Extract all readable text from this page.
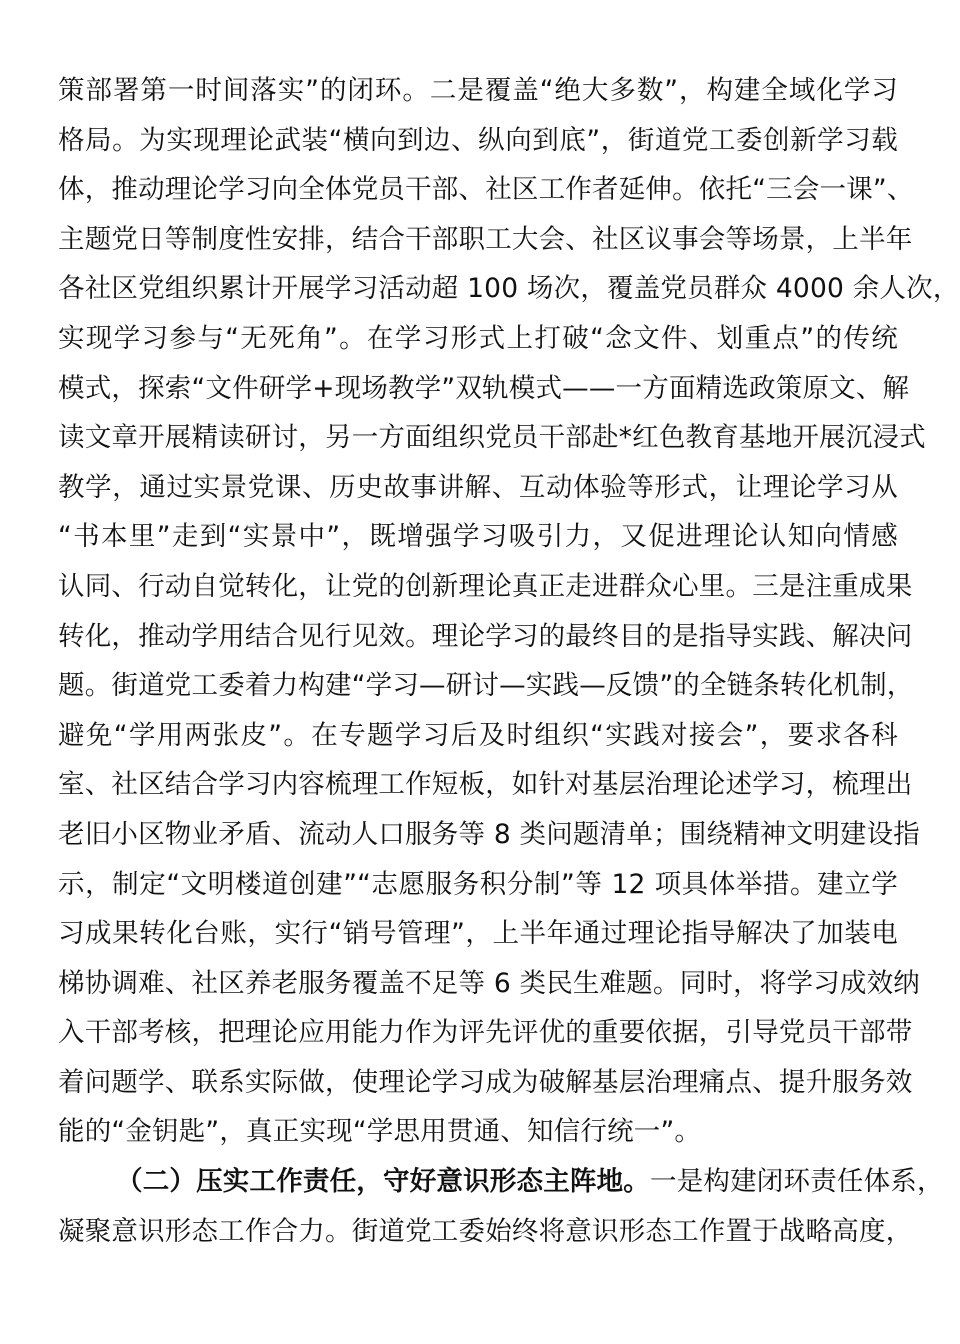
策部署第一时间落实”的闭环。二是覆盖“绝大多数”，构建全域化学习
格局。为实现理论武装“横向到边、纵向到底”，街道党工委创新学习载
体，推动理论学习向全体党员干部、社区工作者延伸。依托“三会一课”、
主题党日等制度性安排，结合干部职工大会、社区议事会等场景，上半年
各社区党组织累计开展学习活动超 100 场次，覆盖党员群众 4000 余人次，
实现学习参与“无死角”。在学习形式上打破“念文件、划重点”的传统
模式，探索“文件研学+现场教学”双轨模式——一方面精选政策原文、解
读文章开展精读研讨，另一方面组织党员干部赴*红色教育基地开展沉浸式
教学，通过实景党课、历史故事讲解、互动体验等形式，让理论学习从
“书本里”走到“实景中”，既增强学习吸引力，又促进理论认知向情感
认同、行动自觉转化，让党的创新理论真正走进群众心里。三是注重成果
转化，推动学用结合见行见效。理论学习的最终目的是指导实践、解决问
题。街道党工委着力构建“学习—研讨—实践—反馈”的全链条转化机制，
避免“学用两张皮”。在专题学习后及时组织“实践对接会”，要求各科
室、社区结合学习内容梳理工作短板，如针对基层治理论述学习，梳理出
老旧小区物业矛盾、流动人口服务等 8 类问题清单；围绕精神文明建设指
示，制定“文明楼道创建”“志愿服务积分制”等 12 项具体举措。建立学
习成果转化台账，实行“销号管理”，上半年通过理论指导解决了加装电
梯协调难、社区养老服务覆盖不足等 6 类民生难题。同时，将学习成效纳
入干部考核，把理论应用能力作为评先评优的重要依据，引导党员干部带
着问题学、联系实际做，使理论学习成为破解基层治理痛点、提升服务效
能的“金钥匙”，真正实现“学思用贯通、知信行统一”。
（二）压实工作责任，守好意识形态主阵地。一是构建闭环责任体系，
凝聚意识形态工作合力。街道党工委始终将意识形态工作置于战略高度，
